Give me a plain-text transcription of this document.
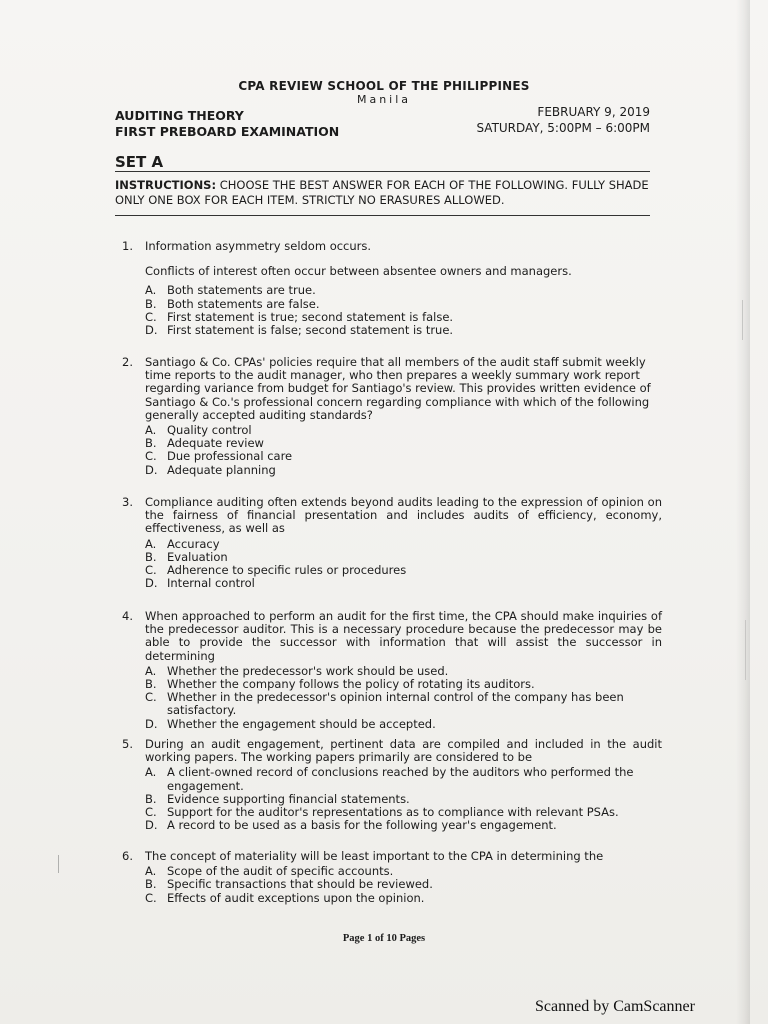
CPA REVIEW SCHOOL OF THE PHILIPPINES
Manila
AUDITING THEORY
FIRST PREBOARD EXAMINATION
FEBRUARY 9, 2019
SATURDAY, 5:00PM – 6:00PM
SET A
INSTRUCTIONS: CHOOSE THE BEST ANSWER FOR EACH OF THE FOLLOWING. FULLY SHADE ONLY ONE BOX FOR EACH ITEM. STRICTLY NO ERASURES ALLOWED.
1.	Information asymmetry seldom occurs.
Conflicts of interest often occur between absentee owners and managers.
A. Both statements are true.
B. Both statements are false.
C. First statement is true; second statement is false.
D. First statement is false; second statement is true.
2.	Santiago & Co. CPAs' policies require that all members of the audit staff submit weekly time reports to the audit manager, who then prepares a weekly summary work report regarding variance from budget for Santiago's review. This provides written evidence of Santiago & Co.'s professional concern regarding compliance with which of the following generally accepted auditing standards?
A. Quality control
B. Adequate review
C. Due professional care
D. Adequate planning
3.	Compliance auditing often extends beyond audits leading to the expression of opinion on the fairness of financial presentation and includes audits of efficiency, economy, effectiveness, as well as
A. Accuracy
B. Evaluation
C. Adherence to specific rules or procedures
D. Internal control
4.	When approached to perform an audit for the first time, the CPA should make inquiries of the predecessor auditor. This is a necessary procedure because the predecessor may be able to provide the successor with information that will assist the successor in determining
A. Whether the predecessor's work should be used.
B. Whether the company follows the policy of rotating its auditors.
C. Whether in the predecessor's opinion internal control of the company has been satisfactory.
D. Whether the engagement should be accepted.
5.	During an audit engagement, pertinent data are compiled and included in the audit working papers. The working papers primarily are considered to be
A. A client-owned record of conclusions reached by the auditors who performed the engagement.
B. Evidence supporting financial statements.
C. Support for the auditor's representations as to compliance with relevant PSAs.
D. A record to be used as a basis for the following year's engagement.
6.	The concept of materiality will be least important to the CPA in determining the
A. Scope of the audit of specific accounts.
B. Specific transactions that should be reviewed.
C. Effects of audit exceptions upon the opinion.
Page 1 of 10 Pages
Scanned by CamScanner
